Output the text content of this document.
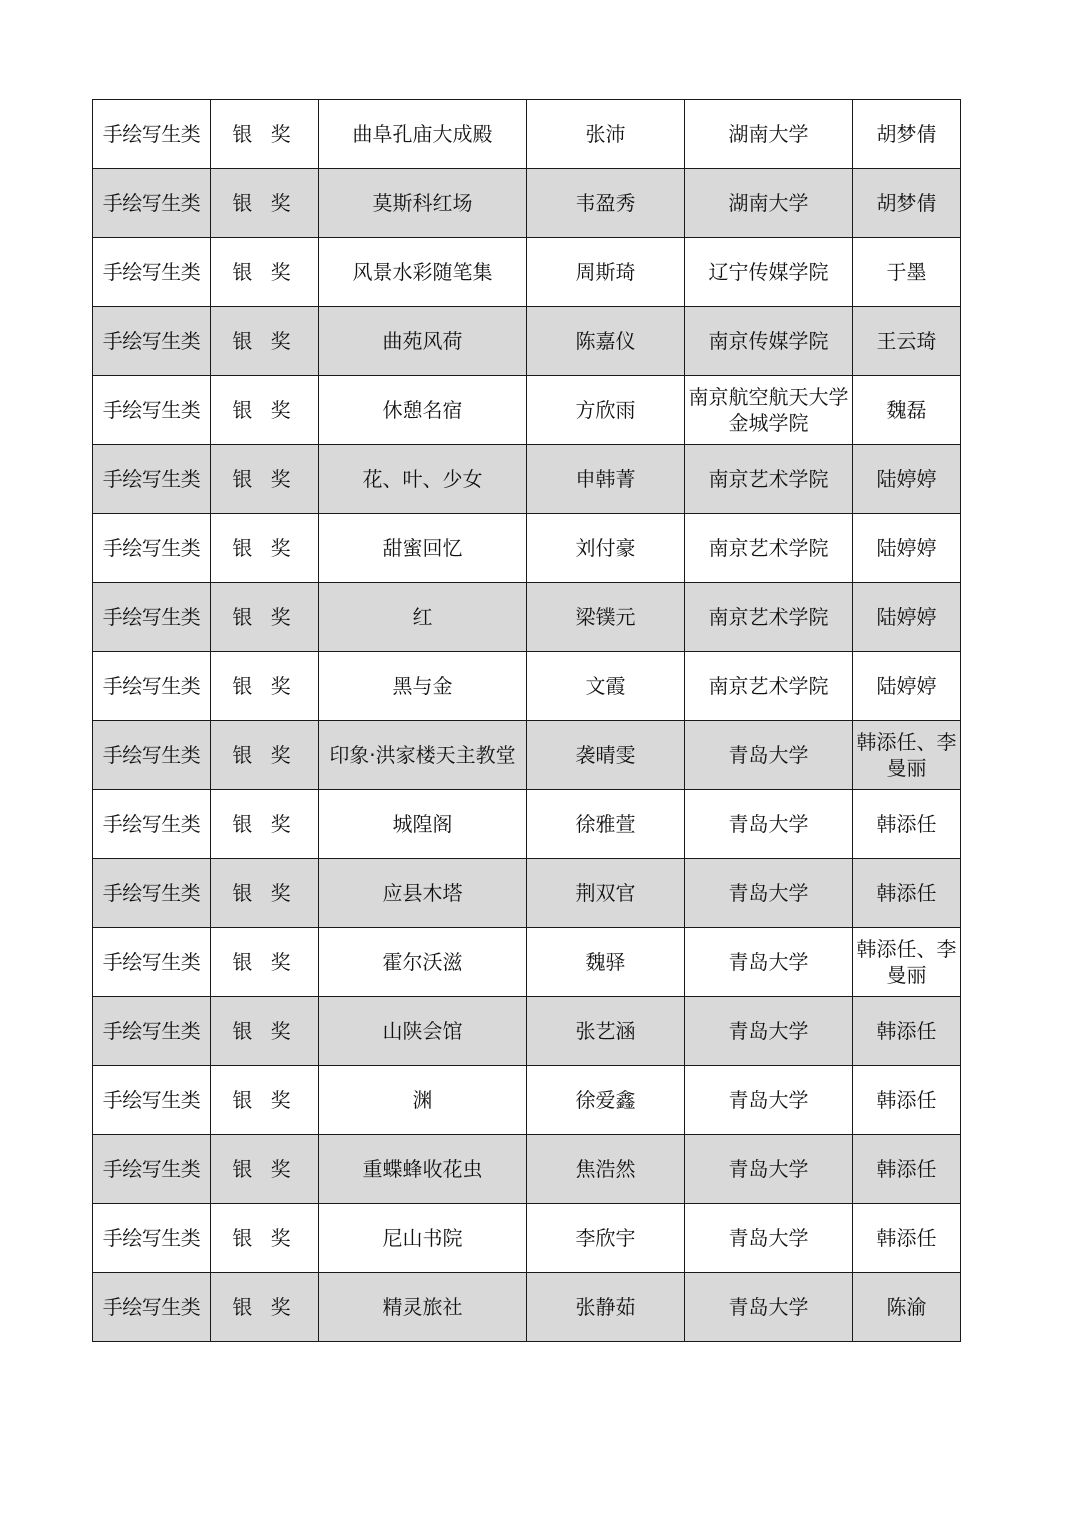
手绘写生类	银 奖	曲阜孔庙大成殿	张沛	湖南大学	胡梦倩
手绘写生类	银 奖	莫斯科红场	韦盈秀	湖南大学	胡梦倩
手绘写生类	银 奖	风景水彩随笔集	周斯琦	辽宁传媒学院	于墨
手绘写生类	银 奖	曲苑风荷	陈嘉仪	南京传媒学院	王云琦
手绘写生类	银 奖	休憩名宿	方欣雨	南京航空航天大学金城学院	魏磊
手绘写生类	银 奖	花、叶、少女	申韩菁	南京艺术学院	陆婷婷
手绘写生类	银 奖	甜蜜回忆	刘付豪	南京艺术学院	陆婷婷
手绘写生类	银 奖	红	梁镤元	南京艺术学院	陆婷婷
手绘写生类	银 奖	黑与金	文霞	南京艺术学院	陆婷婷
手绘写生类	银 奖	印象·洪家楼天主教堂	袭晴雯	青岛大学	韩添任、李曼丽
手绘写生类	银 奖	城隍阁	徐雅萱	青岛大学	韩添任
手绘写生类	银 奖	应县木塔	荆双官	青岛大学	韩添任
手绘写生类	银 奖	霍尔沃滋	魏驿	青岛大学	韩添任、李曼丽
手绘写生类	银 奖	山陕会馆	张艺涵	青岛大学	韩添任
手绘写生类	银 奖	渊	徐爱鑫	青岛大学	韩添任
手绘写生类	银 奖	重蝶蜂收花虫	焦浩然	青岛大学	韩添任
手绘写生类	银 奖	尼山书院	李欣宇	青岛大学	韩添任
手绘写生类	银 奖	精灵旅社	张静茹	青岛大学	陈渝
